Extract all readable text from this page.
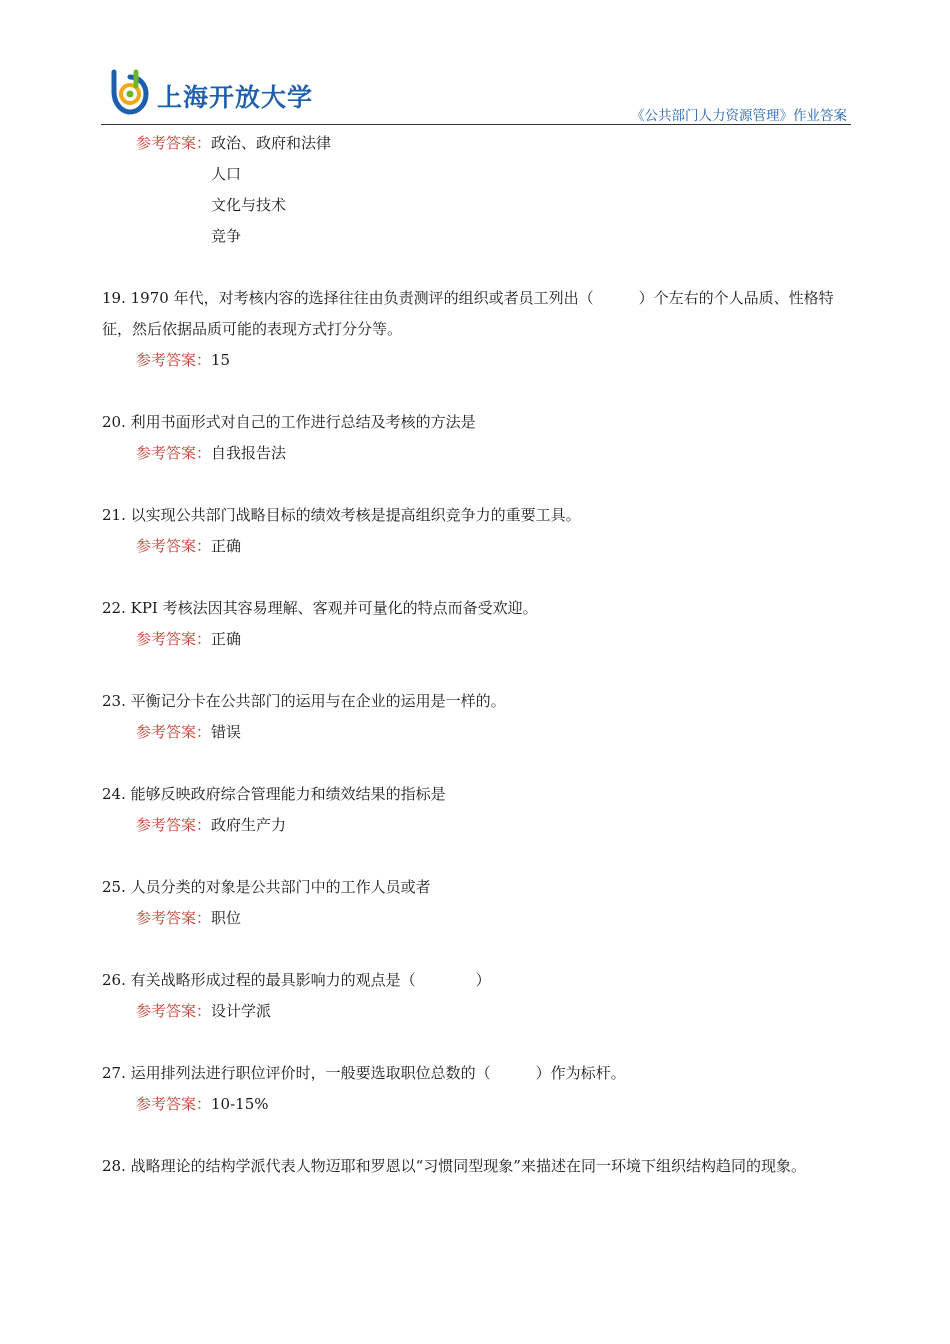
上海开放大学
《公共部门人力资源管理》作业答案
参考答案： 政治、政府和法律
人口
文化与技术
竞争

19. 1970 年代，对考核内容的选择往往由负责测评的组织或者员工列出（　　　）个左右的个人品质、性格特征，然后依据品质可能的表现方式打分分等。

参考答案： 15

20. 利用书面形式对自己的工作进行总结及考核的方法是

参考答案： 自我报告法

21. 以实现公共部门战略目标的绩效考核是提高组织竞争力的重要工具。

参考答案： 正确

22. KPI 考核法因其容易理解、客观并可量化的特点而备受欢迎。

参考答案： 正确

23. 平衡记分卡在公共部门的运用与在企业的运用是一样的。

参考答案： 错误

24. 能够反映政府综合管理能力和绩效结果的指标是

参考答案： 政府生产力

25. 人员分类的对象是公共部门中的工作人员或者

参考答案： 职位

26. 有关战略形成过程的最具影响力的观点是（　　　　）

参考答案： 设计学派

27. 运用排列法进行职位评价时，一般要选取职位总数的（　　　）作为标杆。

参考答案： 10-15%

28. 战略理论的结构学派代表人物迈耶和罗恩以“习惯同型现象”来描述在同一环境下组织结构趋同的现象。
